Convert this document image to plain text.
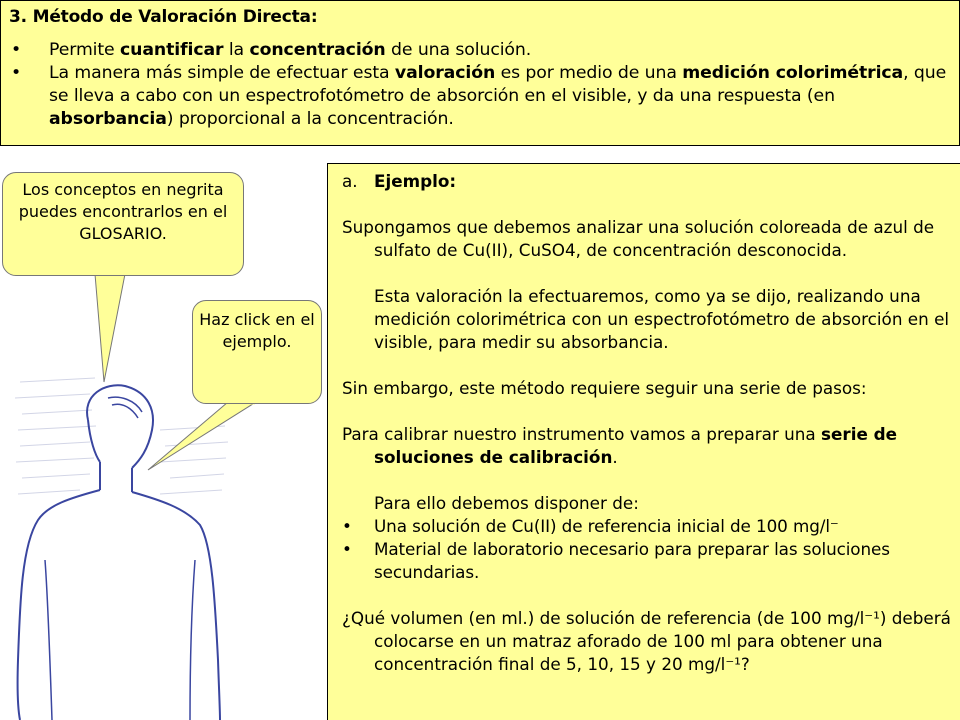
3. Método de Valoración Directa:
• Permite cuantificar la concentración de una solución.
• La manera más simple de efectuar esta valoración es por medio de una medición colorimétrica, que se lleva a cabo con un espectrofotómetro de absorción en el visible, y da una respuesta (en absorbancia) proporcional a la concentración.
Los conceptos en negrita puedes encontrarlos en el GLOSARIO.
Haz click en el ejemplo.

a. Ejemplo:

Supongamos que debemos analizar una solución coloreada de azul de sulfato de Cu(II), CuSO4, de concentración desconocida.

Esta valoración la efectuaremos, como ya se dijo, realizando una medición colorimétrica con un espectrofotómetro de absorción en el visible, para medir su absorbancia.

Sin embargo, este método requiere seguir una serie de pasos:

Para calibrar nuestro instrumento vamos a preparar una serie de soluciones de calibración.

Para ello debemos disponer de:

• Una solución de Cu(II) de referencia inicial de 100 mg/l⁻
• Material de laboratorio necesario para preparar las soluciones secundarias.

¿Qué volumen (en ml.) de solución de referencia (de 100 mg/l⁻¹) deberá colocarse en un matraz aforado de 100 ml para obtener una concentración final de 5, 10, 15 y 20 mg/l⁻¹?
